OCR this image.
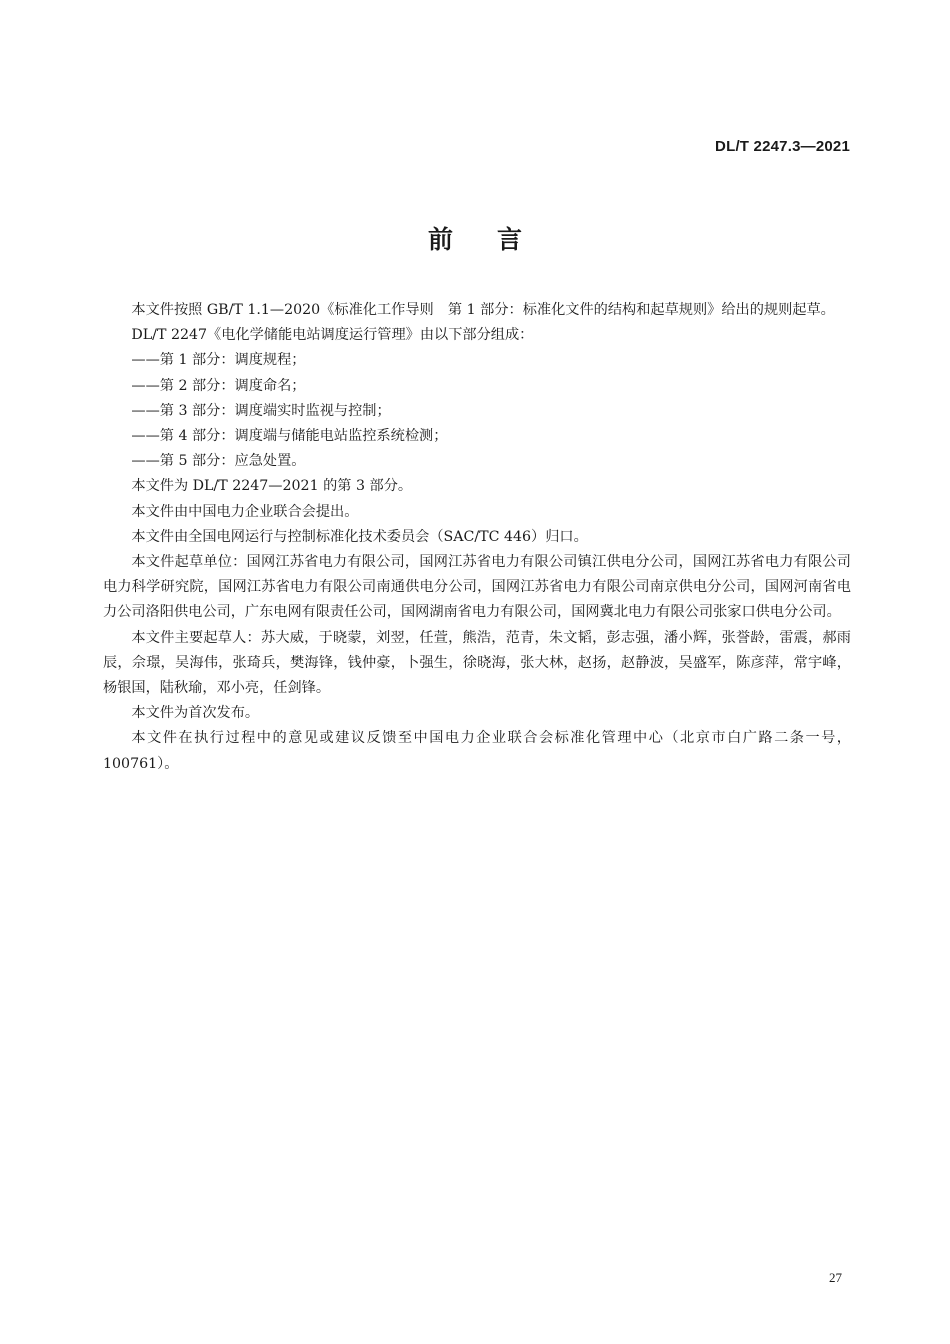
DL/T 2247.3—2021
前言

本文件按照 GB/T 1.1—2020《标准化工作导则　第 1 部分：标准化文件的结构和起草规则》给出的规则起草。

DL/T 2247《电化学储能电站调度运行管理》由以下部分组成：

——第 1 部分：调度规程；

——第 2 部分：调度命名；

——第 3 部分：调度端实时监视与控制；

——第 4 部分：调度端与储能电站监控系统检测；

——第 5 部分：应急处置。

本文件为 DL/T 2247—2021 的第 3 部分。

本文件由中国电力企业联合会提出。

本文件由全国电网运行与控制标准化技术委员会（SAC/TC 446）归口。

本文件起草单位：国网江苏省电力有限公司，国网江苏省电力有限公司镇江供电分公司，国网江苏省电力有限公司电力科学研究院，国网江苏省电力有限公司南通供电分公司，国网江苏省电力有限公司南京供电分公司，国网河南省电力公司洛阳供电公司，广东电网有限责任公司，国网湖南省电力有限公司，国网冀北电力有限公司张家口供电分公司。

本文件主要起草人：苏大威，于晓蒙，刘翌，任萱，熊浩，范青，朱文韬，彭志强，潘小辉，张誉龄，雷震，郝雨辰，佘璟，吴海伟，张琦兵，樊海锋，钱仲豪，卜强生，徐晓海，张大林，赵扬，赵静波，吴盛军，陈彦萍，常宇峰，杨银国，陆秋瑜，邓小亮，任剑锋。

本文件为首次发布。

本文件在执行过程中的意见或建议反馈至中国电力企业联合会标准化管理中心（北京市白广路二条一号，100761）。

27
